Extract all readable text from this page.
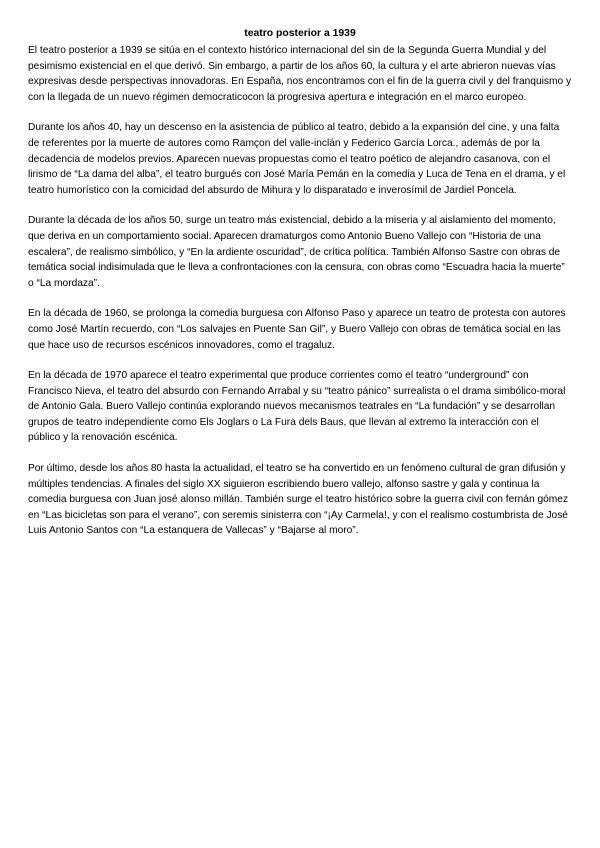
teatro posterior a 1939

El teatro posterior a 1939 se sitúa en el contexto histórico internacional del sin de la Segunda Guerra Mundial y del pesimismo existencial en el que derivó. Sin embargo, a partir de los años 60, la cultura y el arte abrieron nuevas vías expresivas desde perspectivas innovadoras. En España, nos encontramos con el fin de la guerra civil y del franquismo y con la llegada de un nuevo régimen democraticocon la progresiva apertura e integración en el marco europeo.

Durante los años 40, hay un descenso en la asistencia de público al teatro, debido a la expansión del cine, y una falta de referentes por la muerte de autores como Ramçon del valle-inclán y Federico García Lorca., además de por la decadencia de modelos previos. Aparecen nuevas propuestas como el teatro poético de alejandro casanova, con el lirismo de “La dama del alba”, el teatro burgués con José María Pemán en la comedia y Luca de Tena en el drama, y el teatro humorístico con la comicidad del absurdo de Mihura y lo disparatado e inverosímil de Jardiel Poncela.

Durante la década de los años 50, surge un teatro más existencial, debido a la miseria y al aislamiento del momento, que deriva en un comportamiento social. Aparecen dramaturgos como Antonio Bueno Vallejo con “Historia de una escalera”, de realismo simbólico, y “En la ardiente oscuridad”, de crítica política. También Alfonso Sastre con obras de temática social indisimulada que le lleva a confrontaciones con la censura, con obras como “Escuadra hacia la muerte” o “La mordaza”.

En la década de 1960, se prolonga la comedia burguesa con Alfonso Paso y aparece un teatro de protesta con autores como José Martín recuerdo, con “Los salvajes en Puente San Gil”, y Buero Vallejo con obras de temática social en las que hace uso de recursos escénicos innovadores, como el tragaluz.

En la década de 1970 aparece el teatro experimental que produce corrientes como el teatro “underground” con Francisco Nieva, el teatro del absurdo con Fernando Arrabal y su “teatro pánico” surrealista o el drama simbólico-moral de Antonio Gala. Buero Vallejo continúa explorando nuevos mecanismos teatrales en “La fundación” y se desarrollan grupos de teatro independiente como Els Joglars o La Fura dels Baus, que llevan al extremo la interacción con el público y la renovación escénica.

Por último, desde los años 80 hasta la actualidad, el teatro se ha convertido en un fenómeno cultural de gran difusión y múltiples tendencias. A finales del siglo XX siguieron escribiendo buero vallejo, alfonso sastre y gala y continua la comedia burguesa con Juan josé alonso millán. También surge el teatro histórico sobre la guerra civil con fernán gómez en “Las bicicletas son para el verano”, con seremis sinisterra con “¡Ay Carmela!, y con el realismo costumbrista de José Luis Antonio Santos con “La estanquera de Vallecas” y “Bajarse al moro”.
